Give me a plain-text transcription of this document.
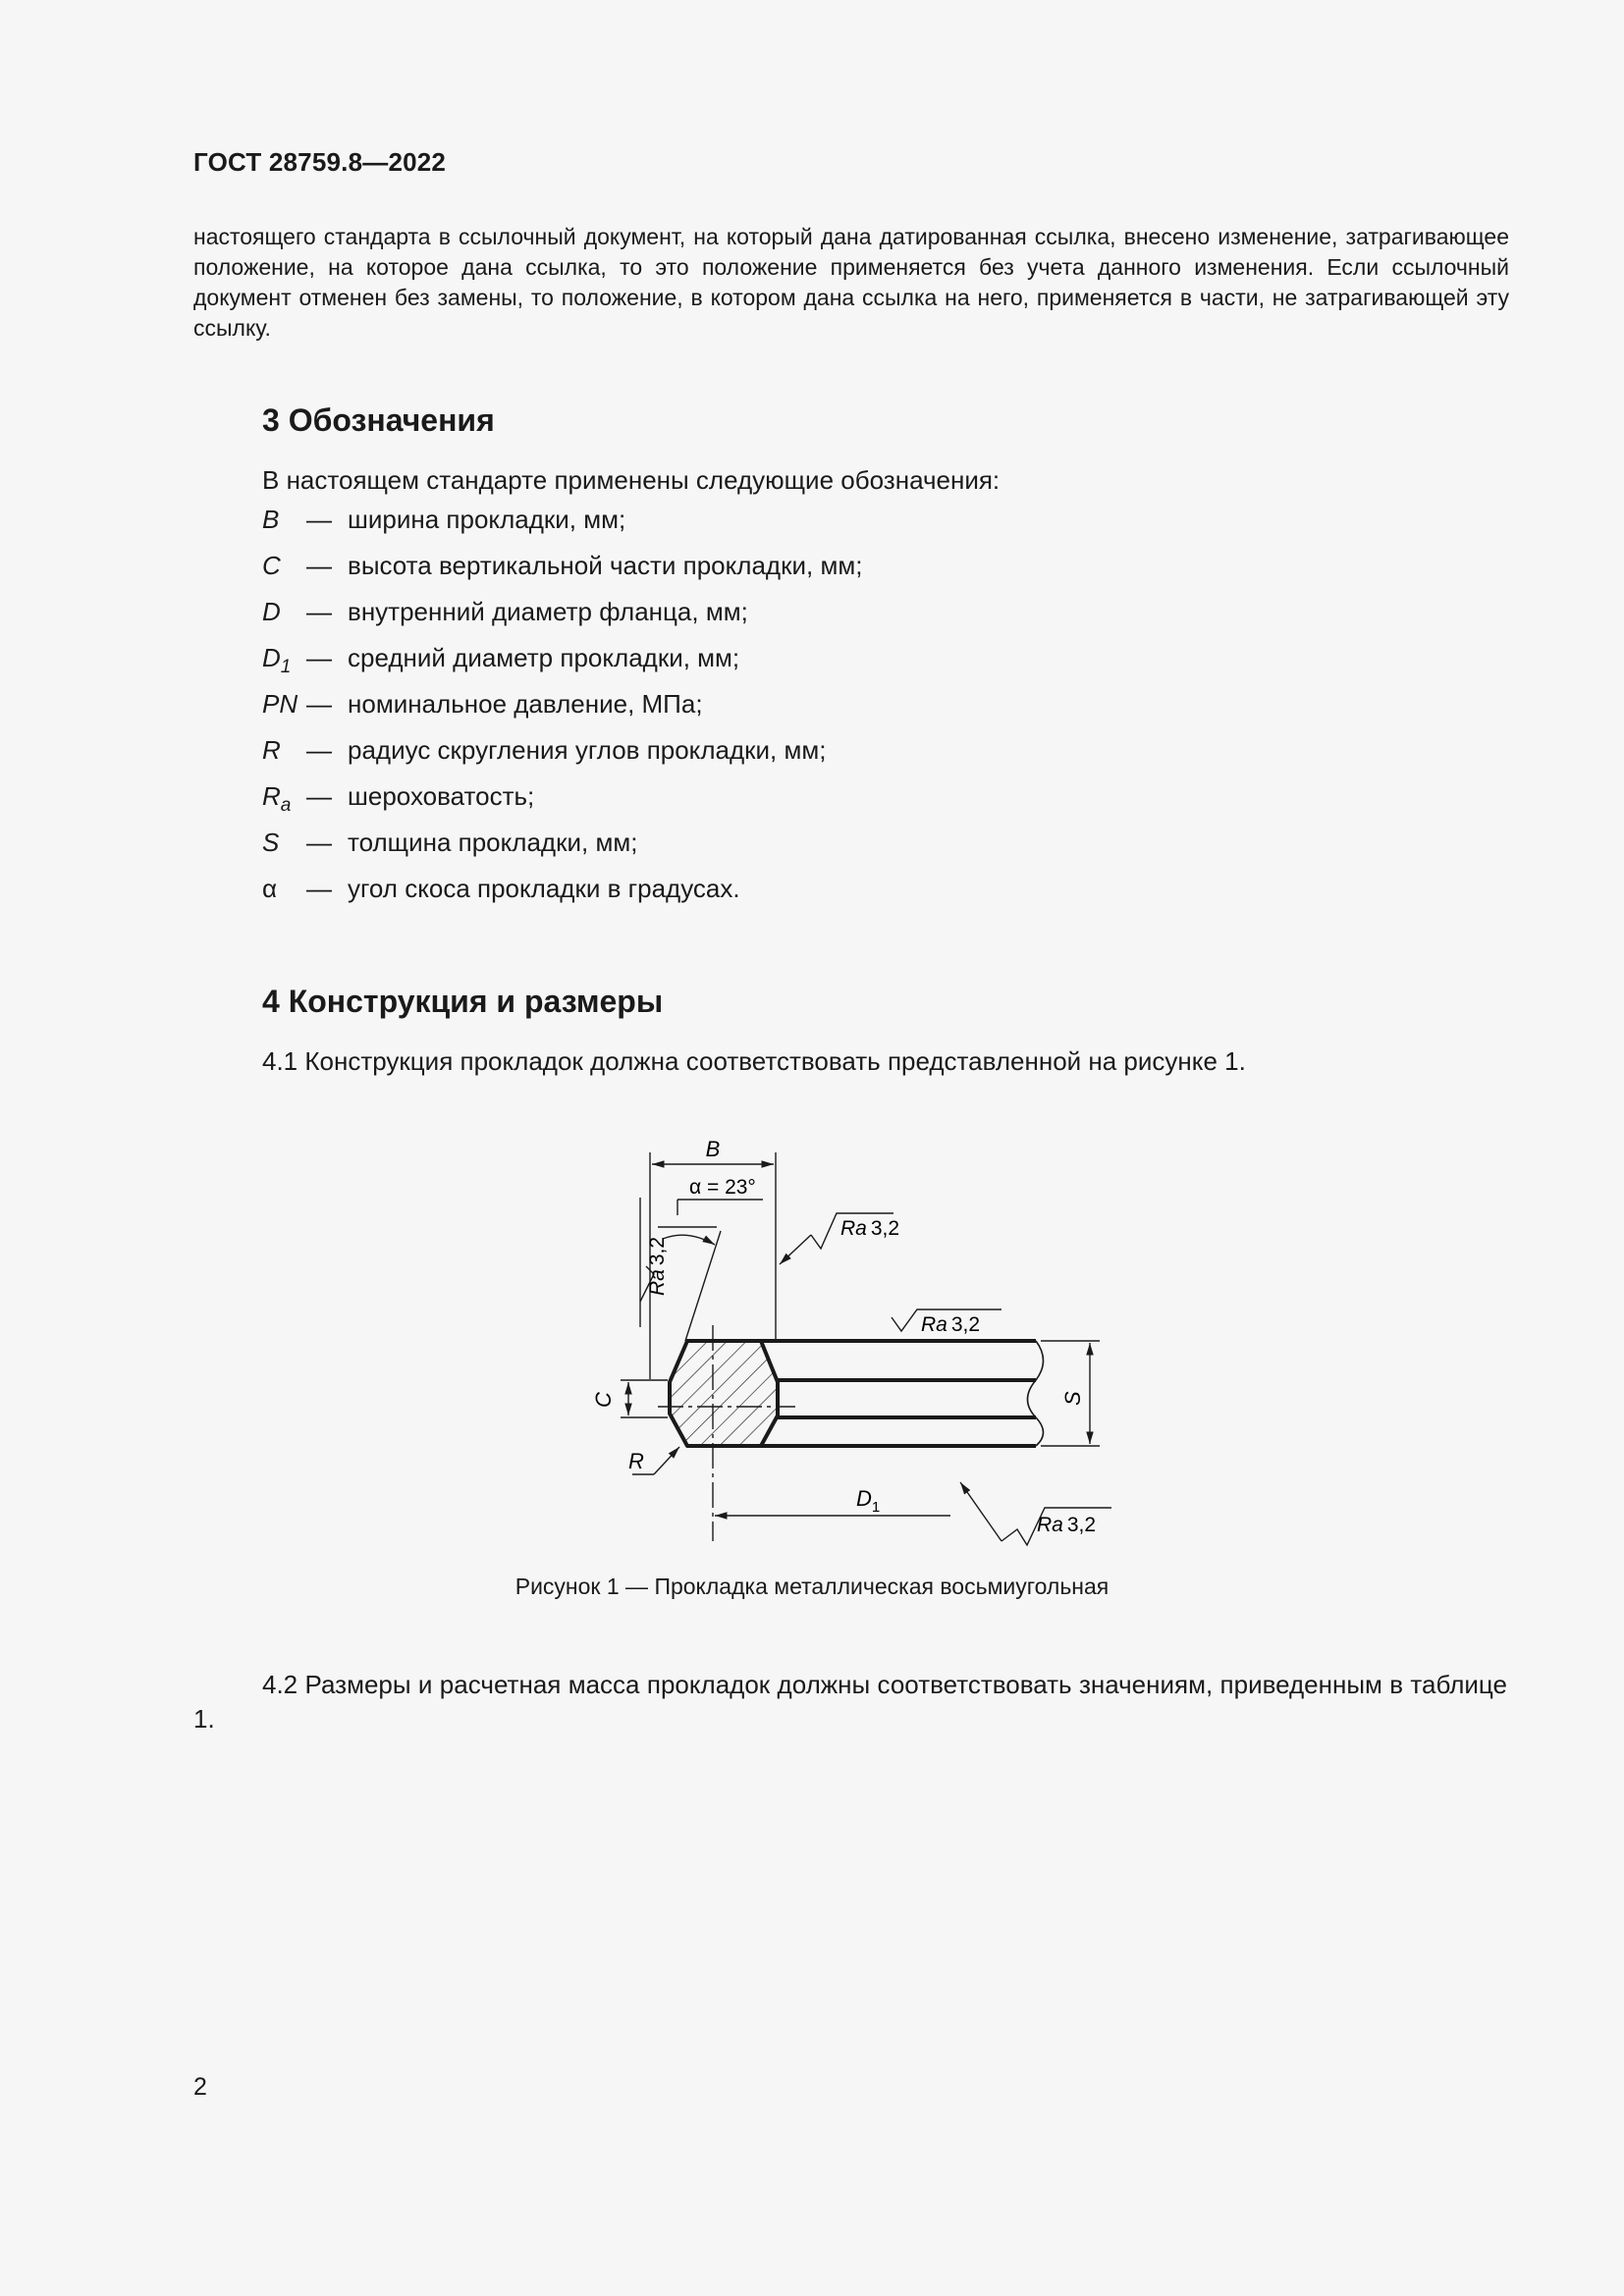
ГОСТ 28759.8—2022
настоящего стандарта в ссылочный документ, на который дана датированная ссылка, внесено изменение, затрагивающее положение, на которое дана ссылка, то это положение применяется без учета данного изменения. Если ссылочный документ отменен без замены, то положение, в котором дана ссылка на него, применяется в части, не затрагивающей эту ссылку.
3 Обозначения
В настоящем стандарте применены следующие обозначения:
B	— ширина прокладки, мм;
C	— высота вертикальной части прокладки, мм;
D	— внутренний диаметр фланца, мм;
$D_1$ — средний диаметр прокладки, мм;
PN — номинальное давление, МПа;
R	— радиус скругления углов прокладки, мм;
$R_a$ — шероховатость;
S	— толщина прокладки, мм;
α	— угол скоса прокладки в градусах.
4 Конструкция и размеры
4.1 Конструкция прокладок должна соответствовать представленной на рисунке 1.
B
α = 23°
Ra3,2
Ra 3,2
Ra 3,2
Ra 3,2
C	S
R
$D_1$
Рисунок 1 — Прокладка металлическая восьмиугольная
4.2 Размеры и расчетная масса прокладок должны соответствовать значениям, приведенным в таблице 1.
2
